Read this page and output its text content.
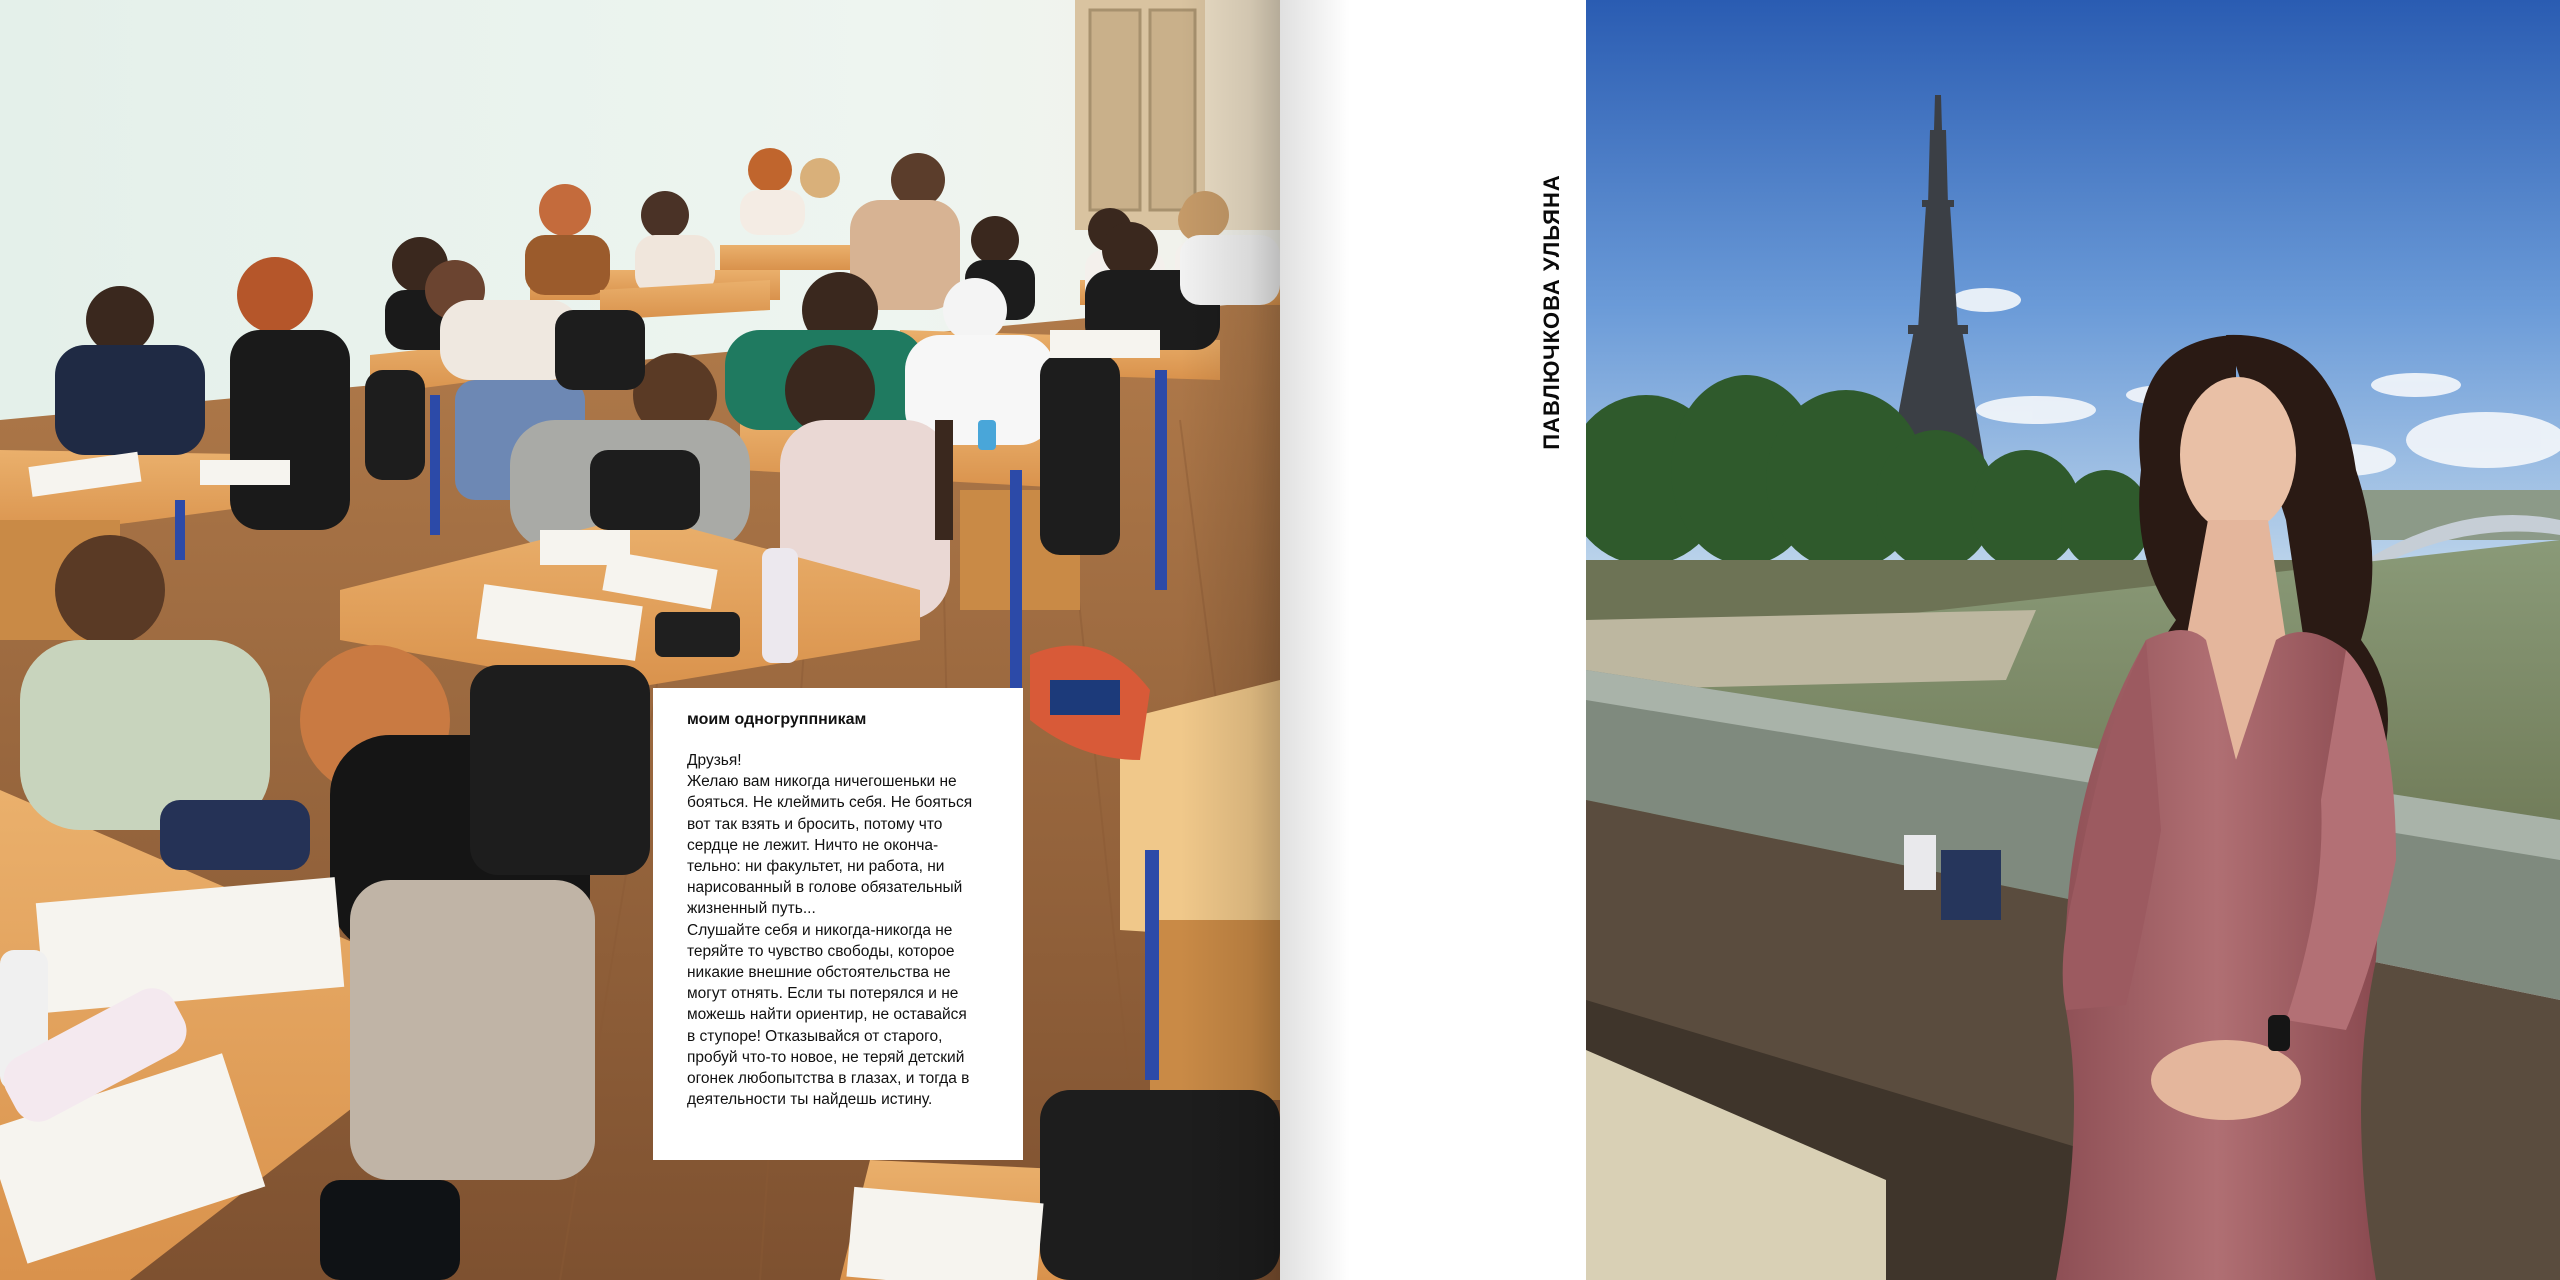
моим одногруппникам

Друзья!

Желаю вам никогда ничегошеньки не
бояться. Не клеймить себя. Не бояться
вот так взять и бросить, потому что
сердце не лежит. Ничто не оконча-
тельно: ни факультет, ни работа, ни
нарисованный в голове обязательный
жизненный путь...
Слушайте себя и никогда-никогда не
теряйте то чувство свободы, которое
никакие внешние обстоятельства не
могут отнять. Если ты потерялся и не
можешь найти ориентир, не оставайся
в ступоре! Отказывайся от старого,
пробуй что-то новое, не теряй детский
огонек любопытства в глазах, и тогда в
деятельности ты найдешь истину.

ПАВЛЮЧКОВА УЛЬЯНА
